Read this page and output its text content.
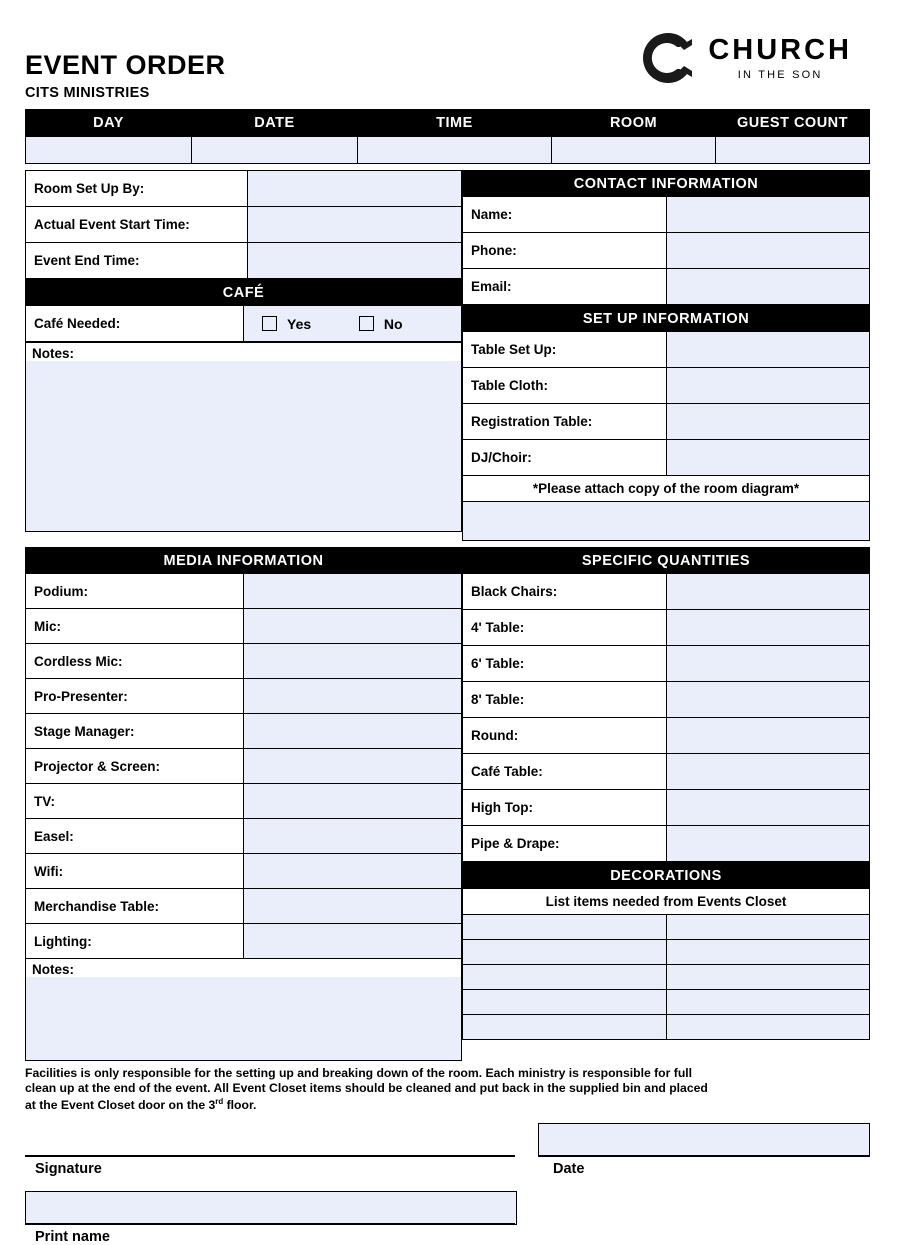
EVENT ORDER
CITS MINISTRIES
CHURCH
IN THE SON
DAY	DATE	TIME	ROOM	GUEST COUNT

Room Set Up By:	
Actual Event Start Time:	
Event End Time:	
CAFÉ
Café Needed:	Yes	No
Notes:
CONTACT INFORMATION	
Name:	
Phone:	
Email:	
SET UP INFORMATION	
Table Set Up:	
Table Cloth:	
Registration Table:	
DJ/Choir:	
*Please attach copy of the room diagram*	

MEDIA INFORMATION	
Podium:	
Mic:	
Cordless Mic:	
Pro-Presenter:	
Stage Manager:	
Projector & Screen:	
TV:	
Easel:	
Wifi:	
Merchandise Table:	
Lighting:	
Notes:
SPECIFIC QUANTITIES	
Black Chairs:	
4' Table:	
6' Table:	
8' Table:	
Round:	
Café Table:	
High Top:	
Pipe & Drape:	
DECORATIONS	
List items needed from Events Closet	

Facilities is only responsible for the setting up and breaking down of the room. Each ministry is responsible for full
clean up at the end of the event. All Event Closet items should be cleaned and put back in the supplied bin and placed
at the Event Closet door on the 3rd floor.
Signature	Date
Print name
